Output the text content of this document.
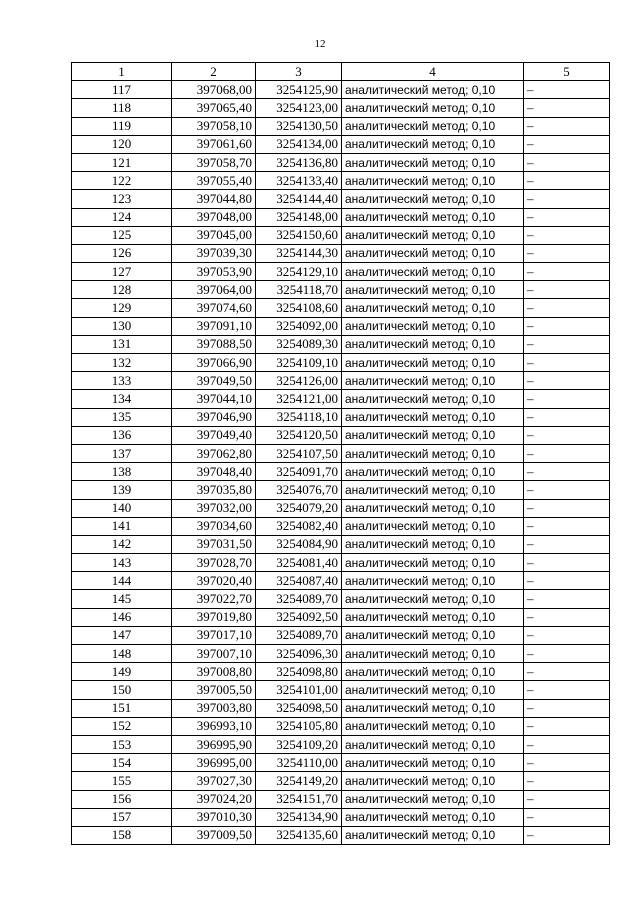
12
1	2	3	4	5
117	397068,00	3254125,90	аналитический метод; 0,10	–
118	397065,40	3254123,00	аналитический метод; 0,10	–
119	397058,10	3254130,50	аналитический метод; 0,10	–
120	397061,60	3254134,00	аналитический метод; 0,10	–
121	397058,70	3254136,80	аналитический метод; 0,10	–
122	397055,40	3254133,40	аналитический метод; 0,10	–
123	397044,80	3254144,40	аналитический метод; 0,10	–
124	397048,00	3254148,00	аналитический метод; 0,10	–
125	397045,00	3254150,60	аналитический метод; 0,10	–
126	397039,30	3254144,30	аналитический метод; 0,10	–
127	397053,90	3254129,10	аналитический метод; 0,10	–
128	397064,00	3254118,70	аналитический метод; 0,10	–
129	397074,60	3254108,60	аналитический метод; 0,10	–
130	397091,10	3254092,00	аналитический метод; 0,10	–
131	397088,50	3254089,30	аналитический метод; 0,10	–
132	397066,90	3254109,10	аналитический метод; 0,10	–
133	397049,50	3254126,00	аналитический метод; 0,10	–
134	397044,10	3254121,00	аналитический метод; 0,10	–
135	397046,90	3254118,10	аналитический метод; 0,10	–
136	397049,40	3254120,50	аналитический метод; 0,10	–
137	397062,80	3254107,50	аналитический метод; 0,10	–
138	397048,40	3254091,70	аналитический метод; 0,10	–
139	397035,80	3254076,70	аналитический метод; 0,10	–
140	397032,00	3254079,20	аналитический метод; 0,10	–
141	397034,60	3254082,40	аналитический метод; 0,10	–
142	397031,50	3254084,90	аналитический метод; 0,10	–
143	397028,70	3254081,40	аналитический метод; 0,10	–
144	397020,40	3254087,40	аналитический метод; 0,10	–
145	397022,70	3254089,70	аналитический метод; 0,10	–
146	397019,80	3254092,50	аналитический метод; 0,10	–
147	397017,10	3254089,70	аналитический метод; 0,10	–
148	397007,10	3254096,30	аналитический метод; 0,10	–
149	397008,80	3254098,80	аналитический метод; 0,10	–
150	397005,50	3254101,00	аналитический метод; 0,10	–
151	397003,80	3254098,50	аналитический метод; 0,10	–
152	396993,10	3254105,80	аналитический метод; 0,10	–
153	396995,90	3254109,20	аналитический метод; 0,10	–
154	396995,00	3254110,00	аналитический метод; 0,10	–
155	397027,30	3254149,20	аналитический метод; 0,10	–
156	397024,20	3254151,70	аналитический метод; 0,10	–
157	397010,30	3254134,90	аналитический метод; 0,10	–
158	397009,50	3254135,60	аналитический метод; 0,10	–
